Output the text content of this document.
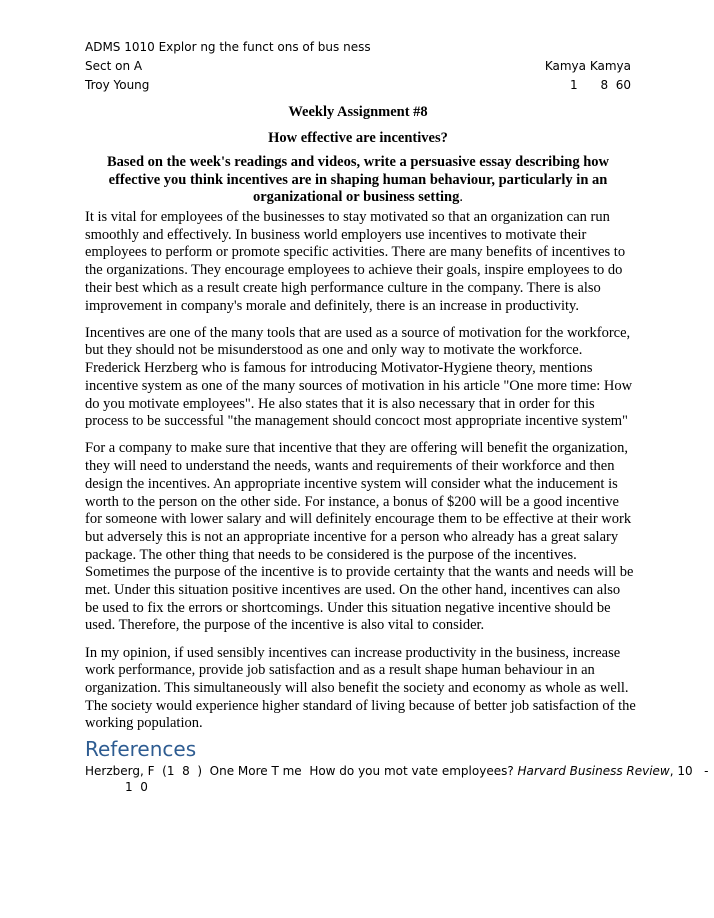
ADMS 1010 Explor ng the funct ons of bus ness
Sect on A	Kamya Kamya
Troy Young	1      8  60
Weekly Assignment #8
How effective are incentives?
Based on the week's readings and videos, write a persuasive essay describing how effective you think incentives are in shaping human behaviour, particularly in an organizational or business setting.

It is vital for employees of the businesses to stay motivated so that an organization can run smoothly and effectively. In business world employers use incentives to motivate their employees to perform or promote specific activities. There are many benefits of incentives to the organizations. They encourage employees to achieve their goals, inspire employees to do their best which as a result create high performance culture in the company. There is also improvement in company's morale and definitely, there is an increase in productivity.

Incentives are one of the many tools that are used as a source of motivation for the workforce, but they should not be misunderstood as one and only way to motivate the workforce. Frederick Herzberg who is famous for introducing Motivator-Hygiene theory, mentions incentive system as one of the many sources of motivation in his article "One more time: How do you motivate employees". He also states that it is also necessary that in order for this process to be successful "the management should concoct most appropriate incentive system"

For a company to make sure that incentive that they are offering will benefit the organization, they will need to understand the needs, wants and requirements of their workforce and then design the incentives. An appropriate incentive system will consider what the inducement is worth to the person on the other side. For instance, a bonus of $200 will be a good incentive for someone with lower salary and will definitely encourage them to be effective at their work but adversely this is not an appropriate incentive for a person who already has a great salary package. The other thing that needs to be considered is the purpose of the incentives. Sometimes the purpose of the incentive is to provide certainty that the wants and needs will be met. Under this situation positive incentives are used. On the other hand, incentives can also be used to fix the errors or shortcomings. Under this situation negative incentive should be used. Therefore, the purpose of the incentive is also vital to consider.

In my opinion, if used sensibly incentives can increase productivity in the business, increase work performance, provide job satisfaction and as a result shape human behaviour in an organization. This simultaneously will also benefit the society and economy as whole as well. The society would experience higher standard of living because of better job satisfaction of the working population.

References
Herzberg, F  (1  8  )  One More T me  How do you mot vate employees? Harvard Business Review, 10   -
1  0
